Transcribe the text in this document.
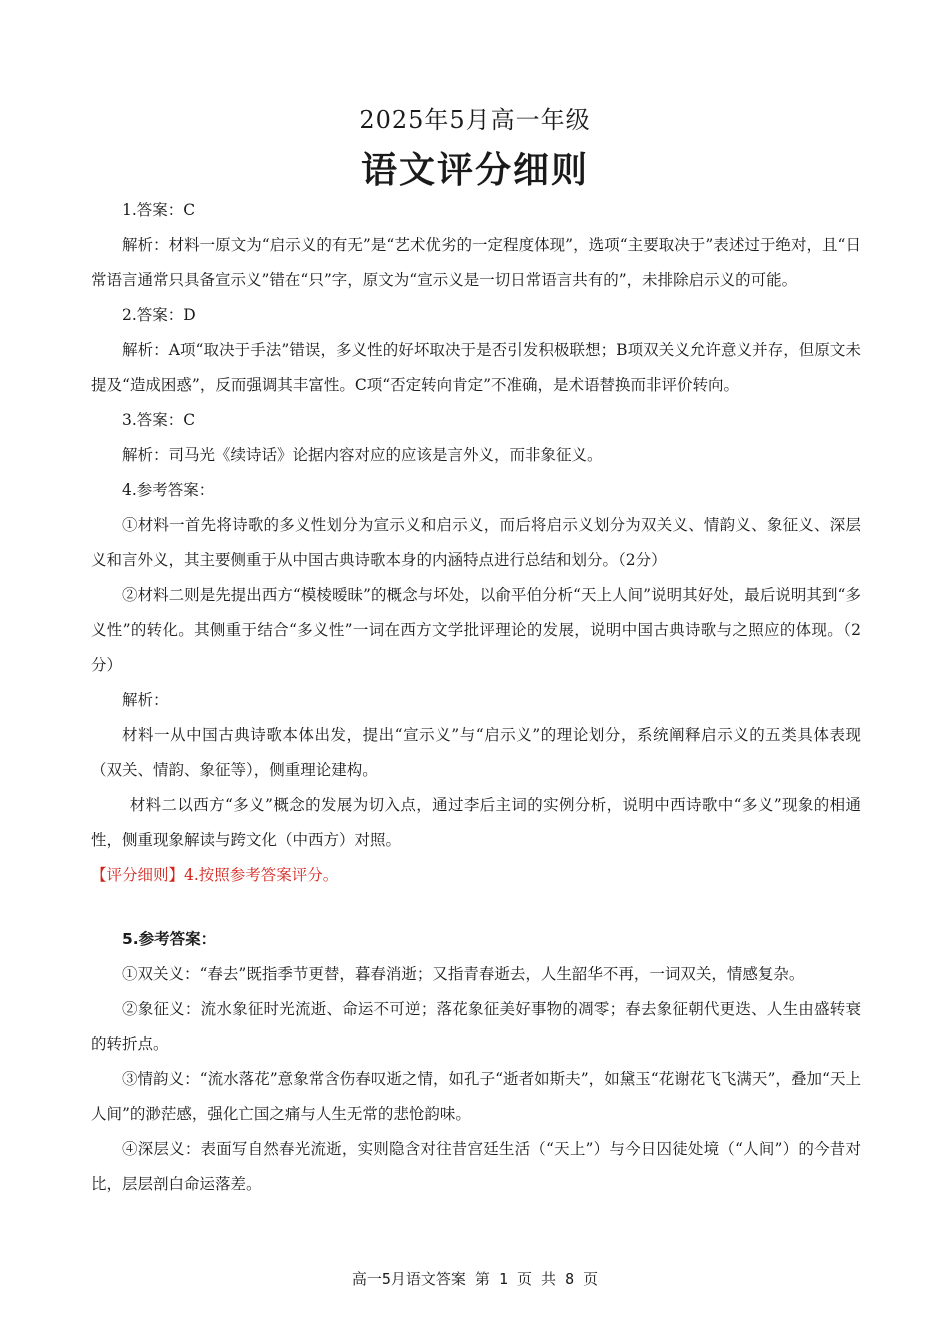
2025年5月高一年级
语文评分细则

1.答案：C

解析：材料一原文为“启示义的有无”是“艺术优劣的一定程度体现”，选项“主要取决于”表述过于绝对，且“日常语言通常只具备宣示义”错在“只”字，原文为“宣示义是一切日常语言共有的”，未排除启示义的可能。

2.答案：D

解析：A项“取决于手法”错误，多义性的好坏取决于是否引发积极联想；B项双关义允许意义并存，但原文未提及“造成困惑”，反而强调其丰富性。C项“否定转向肯定”不准确，是术语替换而非评价转向。

3.答案：C

解析：司马光《续诗话》论据内容对应的应该是言外义，而非象征义。

4.参考答案：

①材料一首先将诗歌的多义性划分为宣示义和启示义，而后将启示义划分为双关义、情韵义、象征义、深层义和言外义，其主要侧重于从中国古典诗歌本身的内涵特点进行总结和划分。（2分）

②材料二则是先提出西方“模棱暧昧”的概念与坏处，以俞平伯分析“天上人间”说明其好处，最后说明其到“多义性”的转化。其侧重于结合“多义性”一词在西方文学批评理论的发展，说明中国古典诗歌与之照应的体现。（2分）

解析：

材料一从中国古典诗歌本体出发，提出“宣示义”与“启示义”的理论划分，系统阐释启示义的五类具体表现（双关、情韵、象征等），侧重理论建构。

材料二以西方“多义”概念的发展为切入点，通过李后主词的实例分析，说明中西诗歌中“多义”现象的相通性，侧重现象解读与跨文化（中西方）对照。

【评分细则】4.按照参考答案评分。

5.参考答案：

①双关义：“春去”既指季节更替，暮春消逝；又指青春逝去，人生韶华不再，一词双关，情感复杂。

②象征义：流水象征时光流逝、命运不可逆；落花象征美好事物的凋零；春去象征朝代更迭、人生由盛转衰的转折点。

③情韵义：“流水落花”意象常含伤春叹逝之情，如孔子“逝者如斯夫”，如黛玉“花谢花飞飞满天”，叠加“天上人间”的渺茫感，强化亡国之痛与人生无常的悲怆韵味。

④深层义：表面写自然春光流逝，实则隐含对往昔宫廷生活（“天上”）与今日囚徒处境（“人间”）的今昔对比，层层剖白命运落差。

高一5月语文答案 第 1 页 共 8 页
